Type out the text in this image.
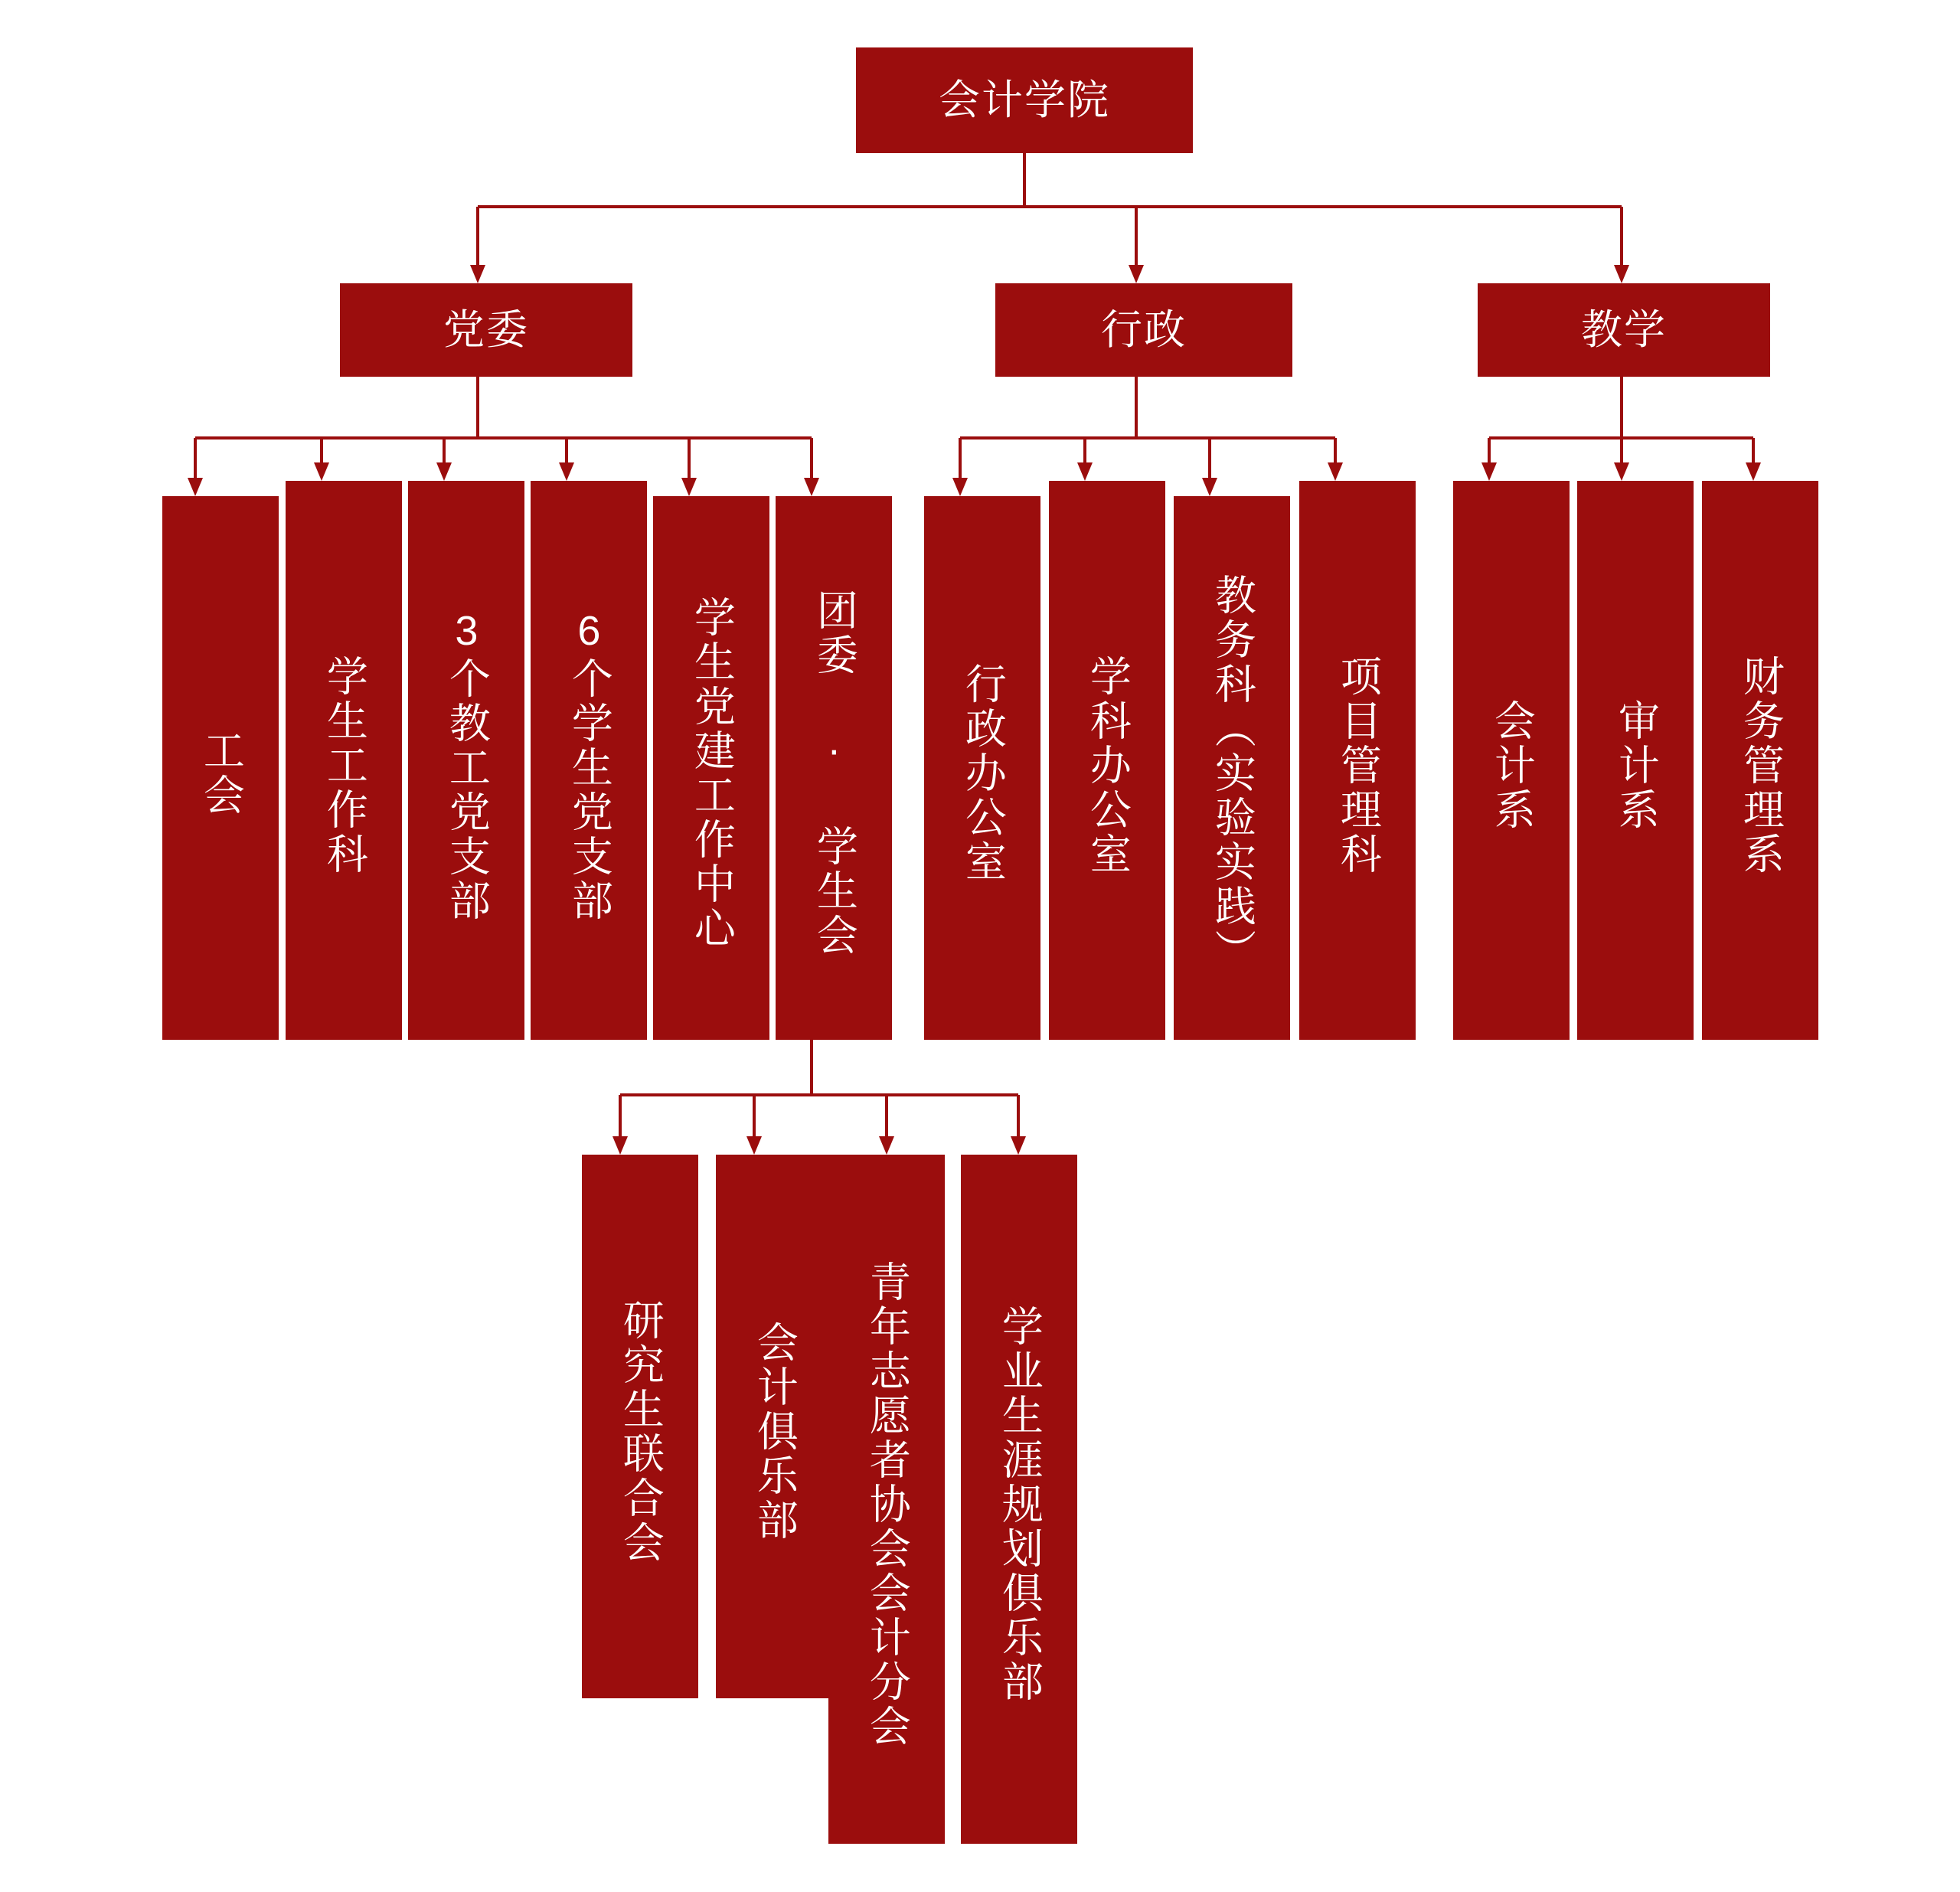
会计学院
党委	行政	教学
工会 学生工作科 3个教工党支部 6个学生党支部 学生党建工作中心 团委 · 学生会 行政办公室 学科办公室 教务科（实验实践） 项目管理科	会计系 审计系 财务管理系
研究生联合会 会计俱乐部 青年志愿者协会会计分会 学业生涯规划俱乐部
